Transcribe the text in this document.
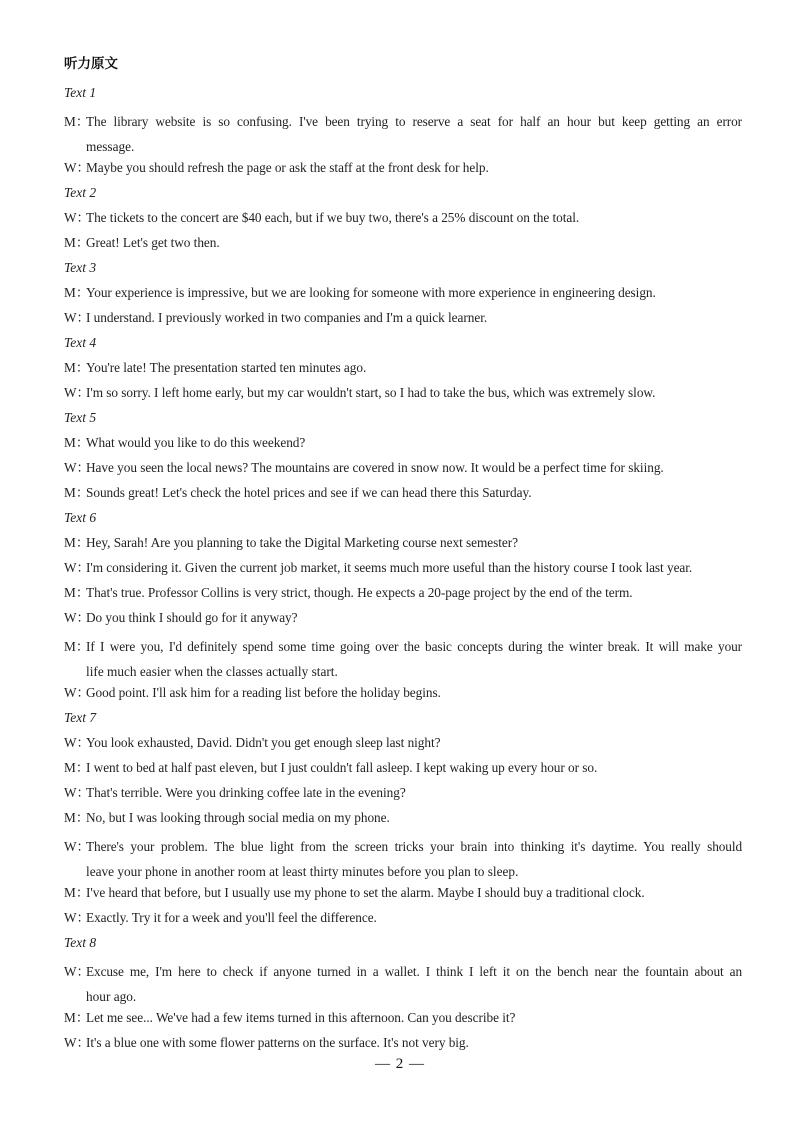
听力原文
Text 1
M：
The library website is so confusing. I've been trying to reserve a seat for half an hour but keep getting an error
message.
W：
Maybe you should refresh the page or ask the staff at the front desk for help.
Text 2
W：
The tickets to the concert are $40 each, but if we buy two, there's a 25% discount on the total.
M：
Great! Let's get two then.
Text 3
M：
Your experience is impressive, but we are looking for someone with more experience in engineering design.
W：
I understand. I previously worked in two companies and I'm a quick learner.
Text 4
M：
You're late! The presentation started ten minutes ago.
W：
I'm so sorry. I left home early, but my car wouldn't start, so I had to take the bus, which was extremely slow.
Text 5
M：
What would you like to do this weekend?
W：
Have you seen the local news? The mountains are covered in snow now. It would be a perfect time for skiing.
M：
Sounds great! Let's check the hotel prices and see if we can head there this Saturday.
Text 6
M：
Hey, Sarah! Are you planning to take the Digital Marketing course next semester?
W：
I'm considering it. Given the current job market, it seems much more useful than the history course I took last year.
M：
That's true. Professor Collins is very strict, though. He expects a 20-page project by the end of the term.
W：
Do you think I should go for it anyway?
M：
If I were you, I'd definitely spend some time going over the basic concepts during the winter break. It will make your
life much easier when the classes actually start.
W：
Good point. I'll ask him for a reading list before the holiday begins.
Text 7
W：
You look exhausted, David. Didn't you get enough sleep last night?
M：
I went to bed at half past eleven, but I just couldn't fall asleep. I kept waking up every hour or so.
W：
That's terrible. Were you drinking coffee late in the evening?
M：
No, but I was looking through social media on my phone.
W：
There's your problem. The blue light from the screen tricks your brain into thinking it's daytime. You really should
leave your phone in another room at least thirty minutes before you plan to sleep.
M：
I've heard that before, but I usually use my phone to set the alarm. Maybe I should buy a traditional clock.
W：
Exactly. Try it for a week and you'll feel the difference.
Text 8
W：
Excuse me, I'm here to check if anyone turned in a wallet. I think I left it on the bench near the fountain about an
hour ago.
M：
Let me see... We've had a few items turned in this afternoon. Can you describe it?
W：
It's a blue one with some flower patterns on the surface. It's not very big.
— 2 —
